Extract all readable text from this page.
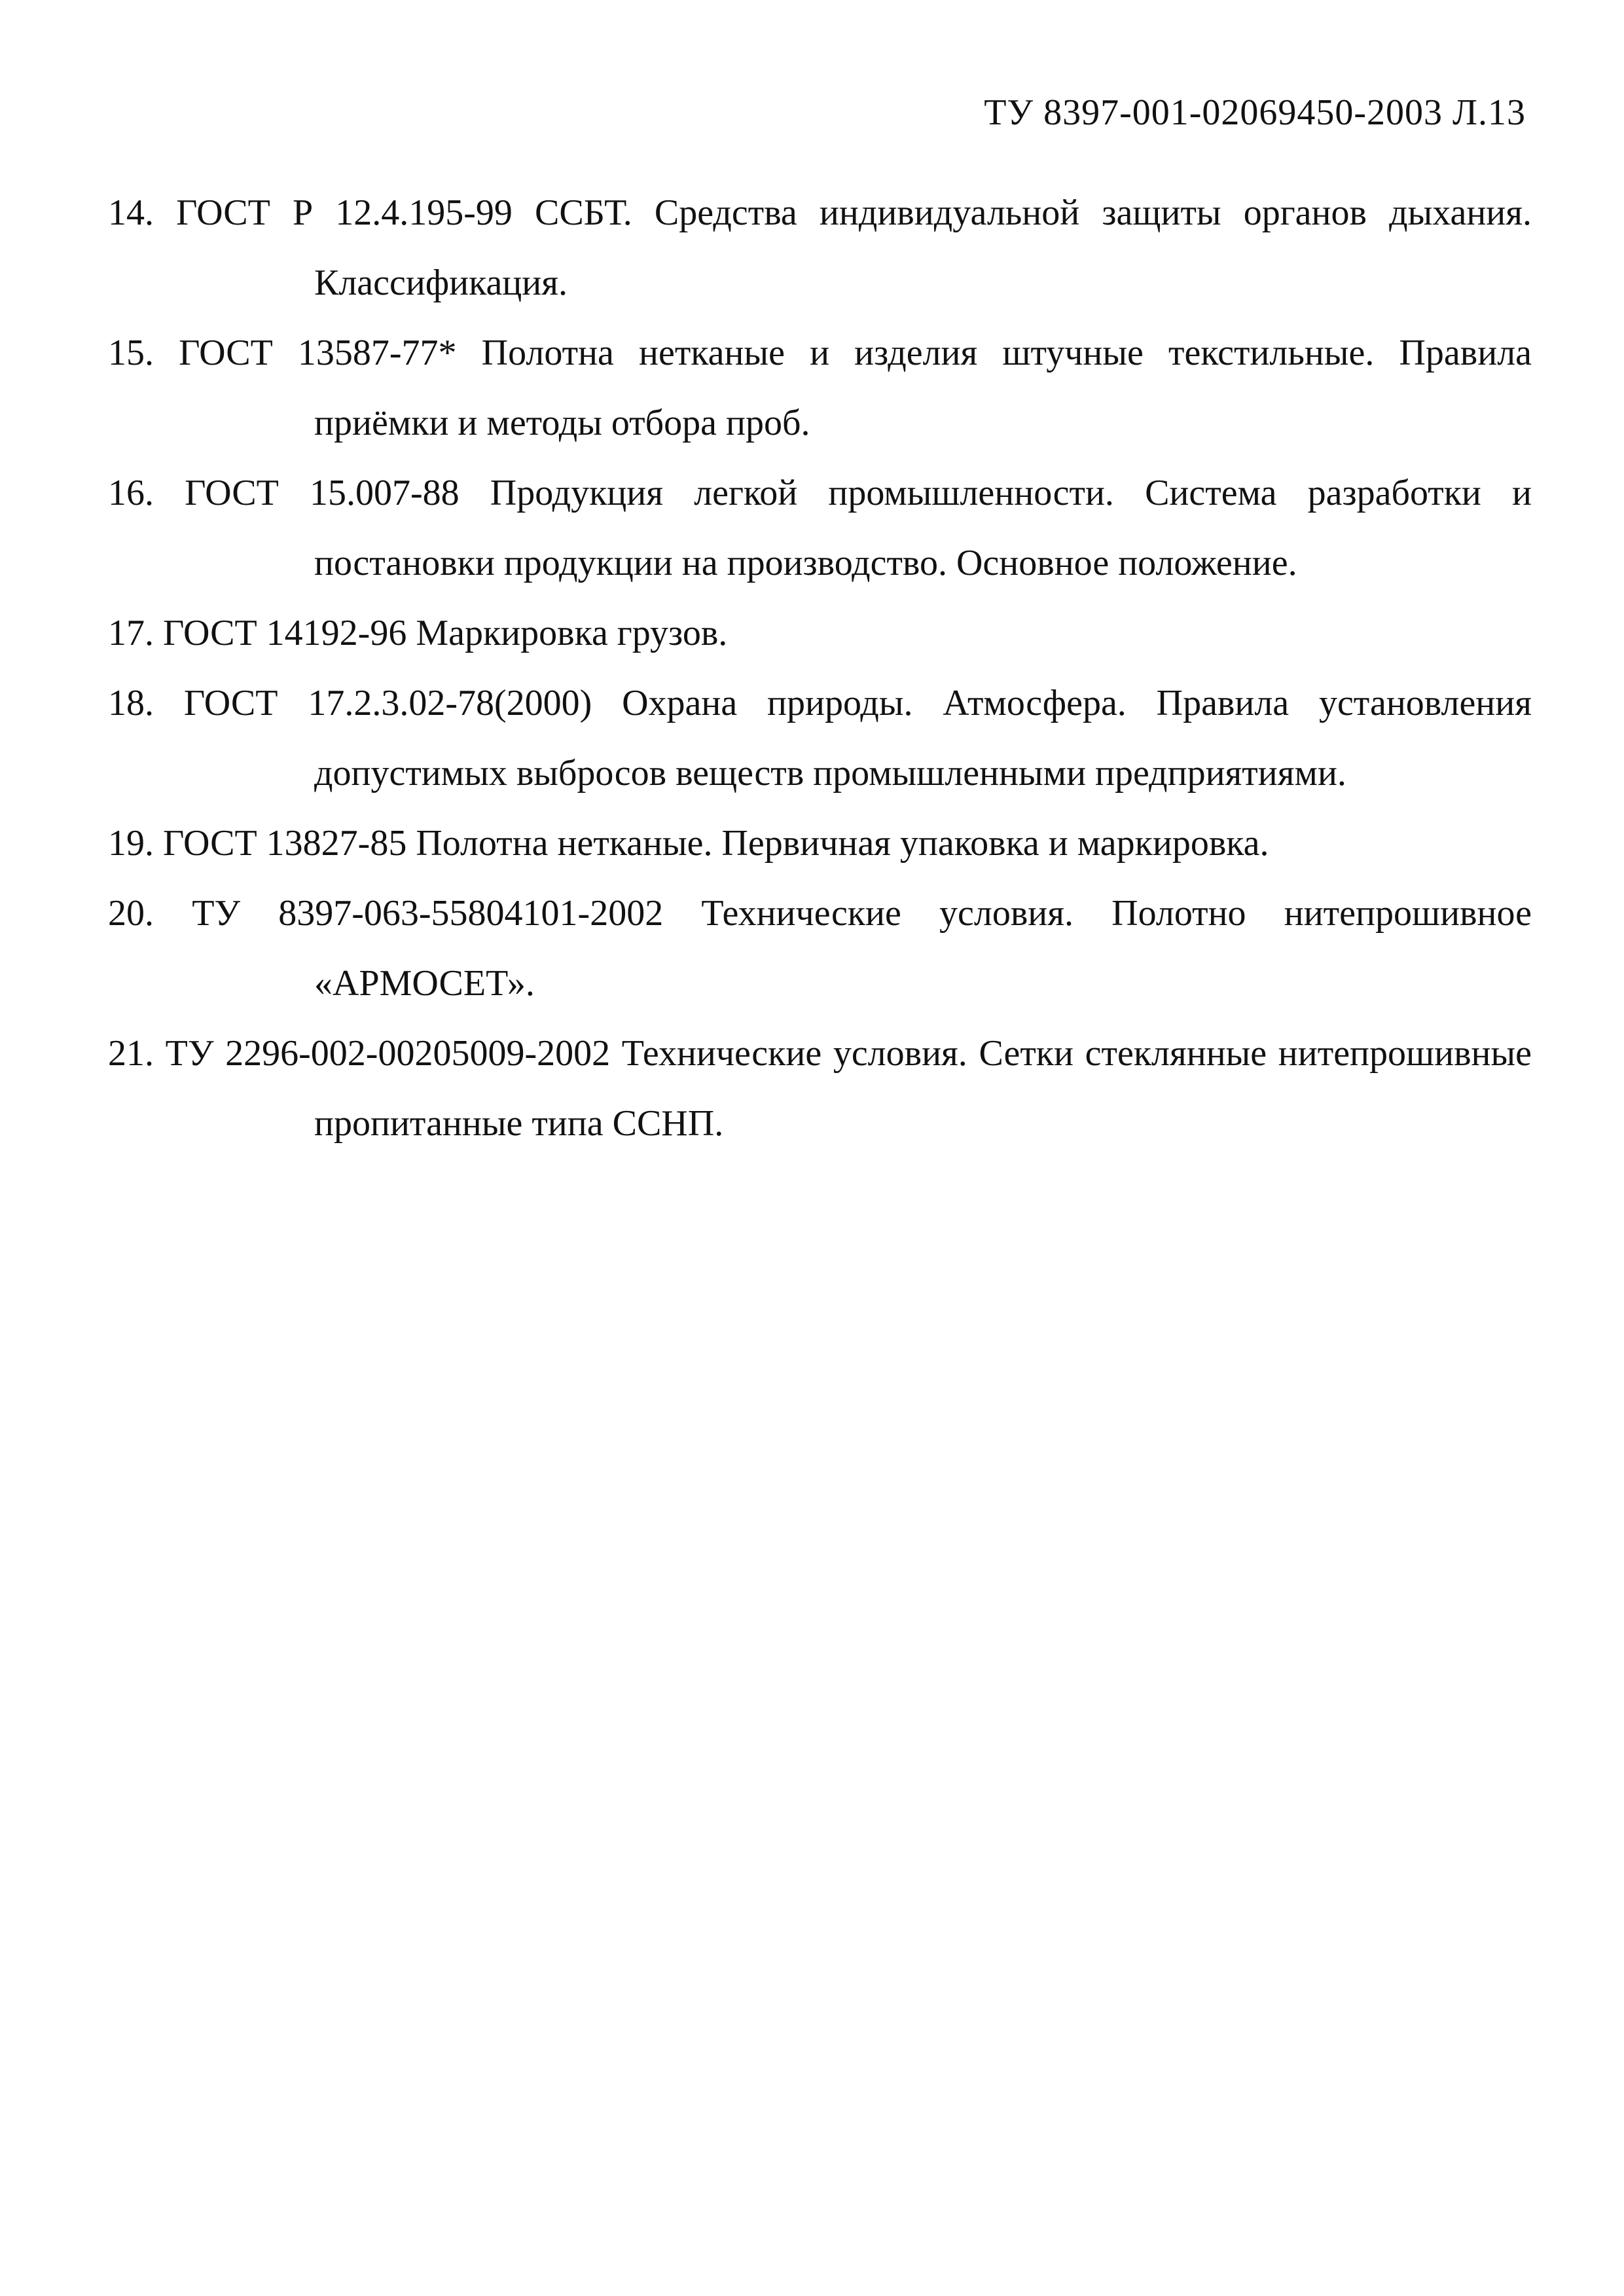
ТУ 8397-001-02069450-2003 Л.13
14. ГОСТ Р 12.4.195-99 ССБТ. Средства индивидуальной защиты органов дыхания. Классификация.
15. ГОСТ 13587-77* Полотна нетканые и изделия штучные текстильные. Правила приёмки и методы отбора проб.
16. ГОСТ 15.007-88 Продукция легкой промышленности. Система разработки и постановки продукции на производство. Основное положение.
17. ГОСТ 14192-96 Маркировка грузов.
18. ГОСТ 17.2.3.02-78(2000) Охрана природы. Атмосфера. Правила установления допустимых выбросов веществ промышленными предприятиями.
19. ГОСТ 13827-85 Полотна нетканые. Первичная упаковка и маркировка.
20. ТУ 8397-063-55804101-2002 Технические условия. Полотно нитепрошивное «АРМОСЕТ».
21. ТУ 2296-002-00205009-2002 Технические условия. Сетки стеклянные нитепрошивные пропитанные типа ССНП.
